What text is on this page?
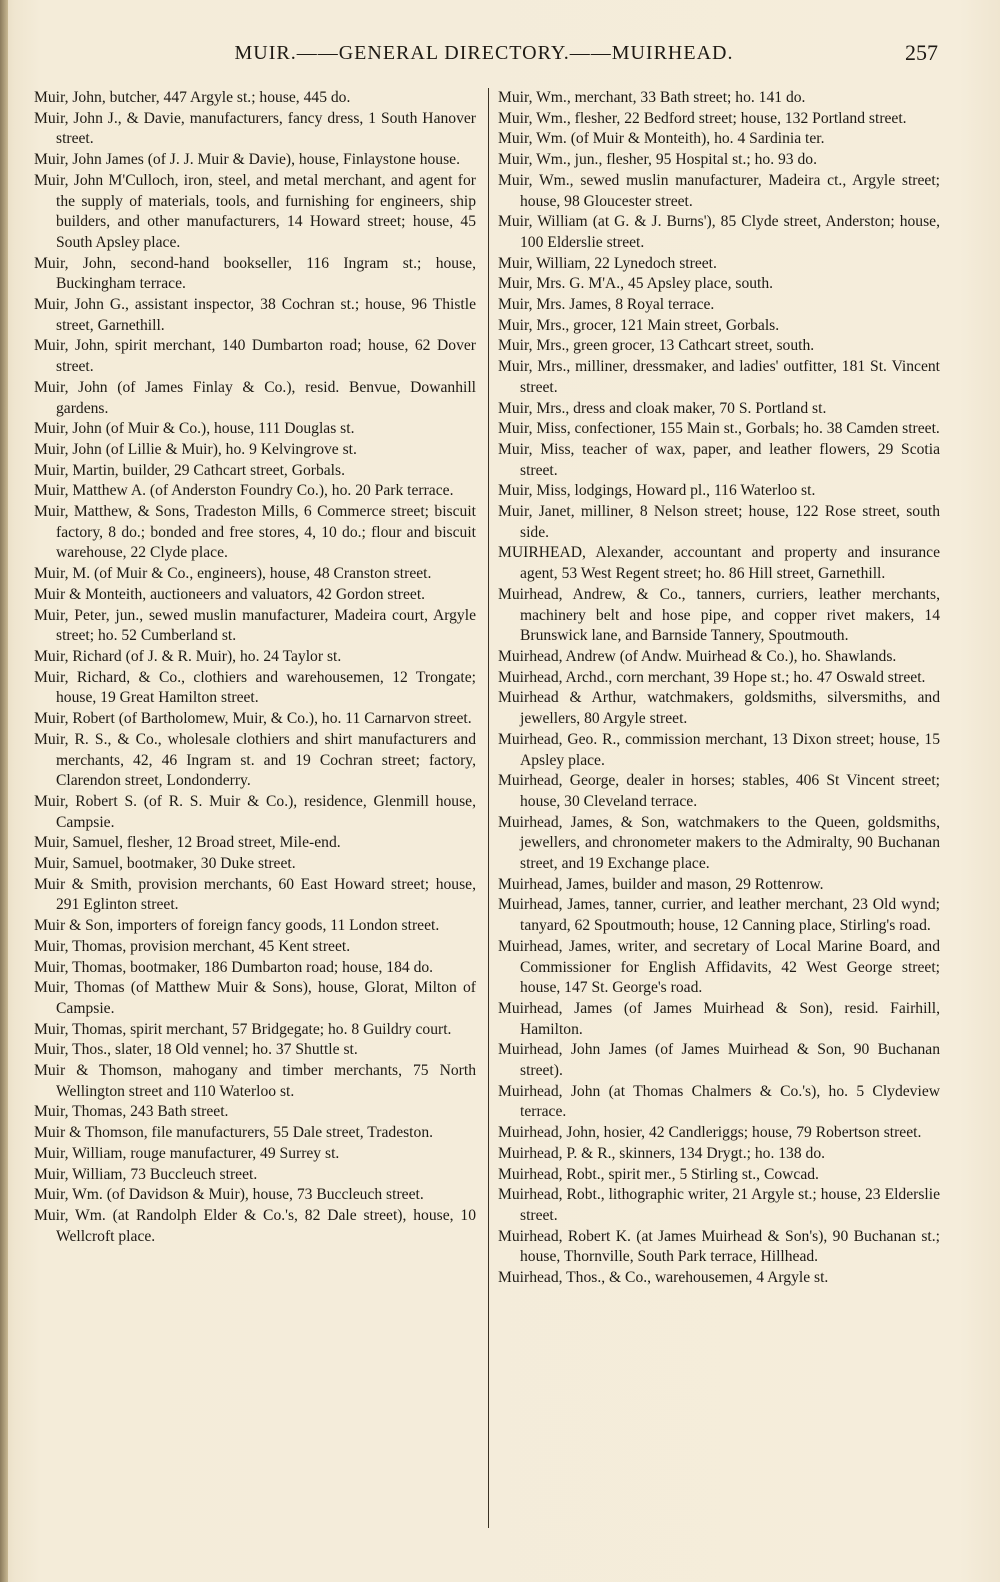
MUIR.——GENERAL DIRECTORY.——MUIRHEAD.	257

Muir, John, butcher, 447 Argyle st.; house, 445 do.

Muir, John J., & Davie, manufacturers, fancy dress, 1 South Hanover street.

Muir, John James (of J. J. Muir & Davie), house, Finlaystone house.

Muir, John M'Culloch, iron, steel, and metal merchant, and agent for the supply of materials, tools, and furnishing for engineers, ship builders, and other manufacturers, 14 Howard street; house, 45 South Apsley place.

Muir, John, second-hand bookseller, 116 Ingram st.; house, Buckingham terrace.

Muir, John G., assistant inspector, 38 Cochran st.; house, 96 Thistle street, Garnethill.

Muir, John, spirit merchant, 140 Dumbarton road; house, 62 Dover street.

Muir, John (of James Finlay & Co.), resid. Benvue, Dowanhill gardens.

Muir, John (of Muir & Co.), house, 111 Douglas st.

Muir, John (of Lillie & Muir), ho. 9 Kelvingrove st.

Muir, Martin, builder, 29 Cathcart street, Gorbals.

Muir, Matthew A. (of Anderston Foundry Co.), ho. 20 Park terrace.

Muir, Matthew, & Sons, Tradeston Mills, 6 Commerce street; biscuit factory, 8 do.; bonded and free stores, 4, 10 do.; flour and biscuit warehouse, 22 Clyde place.

Muir, M. (of Muir & Co., engineers), house, 48 Cranston street.

Muir & Monteith, auctioneers and valuators, 42 Gordon street.

Muir, Peter, jun., sewed muslin manufacturer, Madeira court, Argyle street; ho. 52 Cumberland st.

Muir, Richard (of J. & R. Muir), ho. 24 Taylor st.

Muir, Richard, & Co., clothiers and warehousemen, 12 Trongate; house, 19 Great Hamilton street.

Muir, Robert (of Bartholomew, Muir, & Co.), ho. 11 Carnarvon street.

Muir, R. S., & Co., wholesale clothiers and shirt manufacturers and merchants, 42, 46 Ingram st. and 19 Cochran street; factory, Clarendon street, Londonderry.

Muir, Robert S. (of R. S. Muir & Co.), residence, Glenmill house, Campsie.

Muir, Samuel, flesher, 12 Broad street, Mile-end.

Muir, Samuel, bootmaker, 30 Duke street.

Muir & Smith, provision merchants, 60 East Howard street; house, 291 Eglinton street.

Muir & Son, importers of foreign fancy goods, 11 London street.

Muir, Thomas, provision merchant, 45 Kent street.

Muir, Thomas, bootmaker, 186 Dumbarton road; house, 184 do.

Muir, Thomas (of Matthew Muir & Sons), house, Glorat, Milton of Campsie.

Muir, Thomas, spirit merchant, 57 Bridgegate; ho. 8 Guildry court.

Muir, Thos., slater, 18 Old vennel; ho. 37 Shuttle st.

Muir & Thomson, mahogany and timber merchants, 75 North Wellington street and 110 Waterloo st.

Muir, Thomas, 243 Bath street.

Muir & Thomson, file manufacturers, 55 Dale street, Tradeston.

Muir, William, rouge manufacturer, 49 Surrey st.

Muir, William, 73 Buccleuch street.

Muir, Wm. (of Davidson & Muir), house, 73 Buccleuch street.

Muir, Wm. (at Randolph Elder & Co.'s, 82 Dale street), house, 10 Wellcroft place.

Muir, Wm., merchant, 33 Bath street; ho. 141 do.

Muir, Wm., flesher, 22 Bedford street; house, 132 Portland street.

Muir, Wm. (of Muir & Monteith), ho. 4 Sardinia ter.

Muir, Wm., jun., flesher, 95 Hospital st.; ho. 93 do.

Muir, Wm., sewed muslin manufacturer, Madeira ct., Argyle street; house, 98 Gloucester street.

Muir, William (at G. & J. Burns'), 85 Clyde street, Anderston; house, 100 Elderslie street.

Muir, William, 22 Lynedoch street.

Muir, Mrs. G. M'A., 45 Apsley place, south.

Muir, Mrs. James, 8 Royal terrace.

Muir, Mrs., grocer, 121 Main street, Gorbals.

Muir, Mrs., green grocer, 13 Cathcart street, south.

Muir, Mrs., milliner, dressmaker, and ladies' outfitter, 181 St. Vincent street.

Muir, Mrs., dress and cloak maker, 70 S. Portland st.

Muir, Miss, confectioner, 155 Main st., Gorbals; ho. 38 Camden street.

Muir, Miss, teacher of wax, paper, and leather flowers, 29 Scotia street.

Muir, Miss, lodgings, Howard pl., 116 Waterloo st.

Muir, Janet, milliner, 8 Nelson street; house, 122 Rose street, south side.

MUIRHEAD, Alexander, accountant and property and insurance agent, 53 West Regent street; ho. 86 Hill street, Garnethill.

Muirhead, Andrew, & Co., tanners, curriers, leather merchants, machinery belt and hose pipe, and copper rivet makers, 14 Brunswick lane, and Barnside Tannery, Spoutmouth.

Muirhead, Andrew (of Andw. Muirhead & Co.), ho. Shawlands.

Muirhead, Archd., corn merchant, 39 Hope st.; ho. 47 Oswald street.

Muirhead & Arthur, watchmakers, goldsmiths, silversmiths, and jewellers, 80 Argyle street.

Muirhead, Geo. R., commission merchant, 13 Dixon street; house, 15 Apsley place.

Muirhead, George, dealer in horses; stables, 406 St Vincent street; house, 30 Cleveland terrace.

Muirhead, James, & Son, watchmakers to the Queen, goldsmiths, jewellers, and chronometer makers to the Admiralty, 90 Buchanan street, and 19 Exchange place.

Muirhead, James, builder and mason, 29 Rottenrow.

Muirhead, James, tanner, currier, and leather merchant, 23 Old wynd; tanyard, 62 Spoutmouth; house, 12 Canning place, Stirling's road.

Muirhead, James, writer, and secretary of Local Marine Board, and Commissioner for English Affidavits, 42 West George street; house, 147 St. George's road.

Muirhead, James (of James Muirhead & Son), resid. Fairhill, Hamilton.

Muirhead, John James (of James Muirhead & Son, 90 Buchanan street).

Muirhead, John (at Thomas Chalmers & Co.'s), ho. 5 Clydeview terrace.

Muirhead, John, hosier, 42 Candleriggs; house, 79 Robertson street.

Muirhead, P. & R., skinners, 134 Drygt.; ho. 138 do.

Muirhead, Robt., spirit mer., 5 Stirling st., Cowcad.

Muirhead, Robt., lithographic writer, 21 Argyle st.; house, 23 Elderslie street.

Muirhead, Robert K. (at James Muirhead & Son's), 90 Buchanan st.; house, Thornville, South Park terrace, Hillhead.

Muirhead, Thos., & Co., warehousemen, 4 Argyle st.
